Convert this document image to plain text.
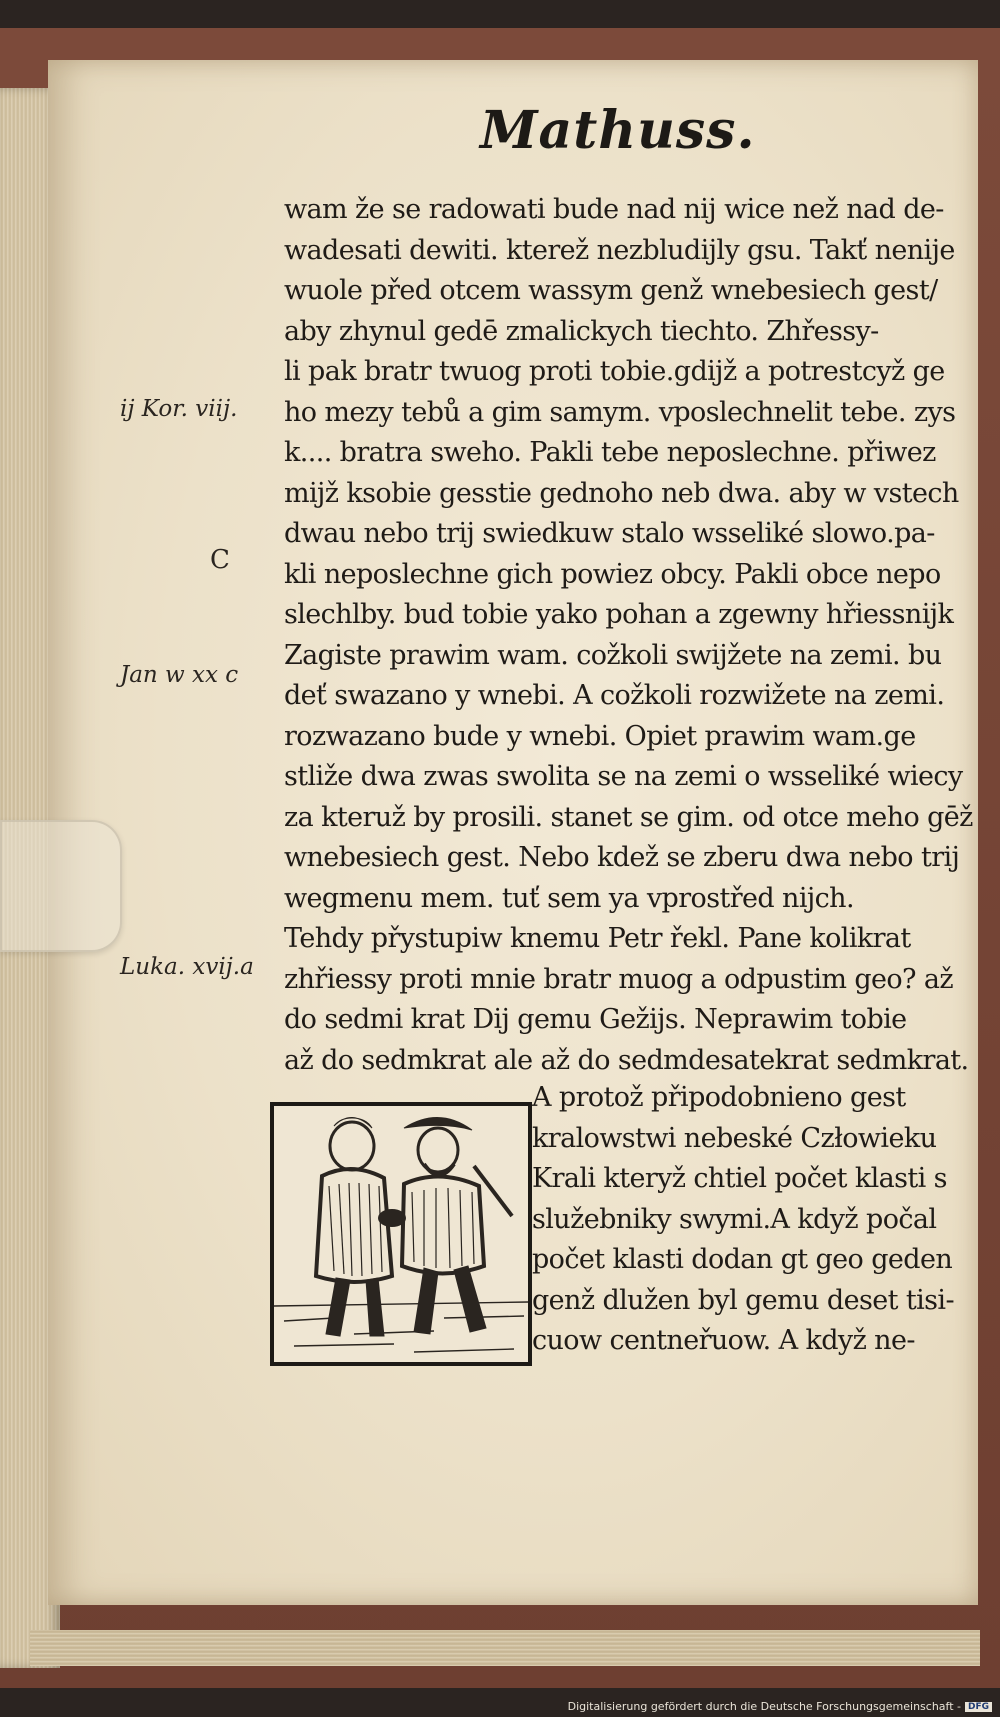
Mathuss.
wam že se radowati bude nad nij wice než nad de-
wadesati dewiti. kterež nezbludijly gsu. Takť nenije
wuole před otcem wassym genž wnebesiech gest/
aby zhynul gedē zmalickych tiechto. Zhřessy-
li pak bratr twuog proti tobie.gdijž a potrestcyž ge
ho mezy tebů a gim samym. vposlechnelit tebe. zys
k.... bratra sweho. Pakli tebe neposlechne. přiwez
mijž ksobie gesstie gednoho neb dwa. aby w vstech
dwau nebo trij swiedkuw stalo wsseliké slowo.pa-
kli neposlechne gich powiez obcy. Pakli obce nepo
slechlby. bud tobie yako pohan a zgewny hřiessnijk
Zagiste prawim wam. cožkoli swijžete na zemi. bu
deť swazano y wnebi. A cožkoli rozwižete na zemi.
rozwazano bude y wnebi. Opiet prawim wam.ge
stliže dwa zwas swolita se na zemi o wsseliké wiecy
za kteruž by prosili. stanet se gim. od otce meho gēž
wnebesiech gest. Nebo kdež se zberu dwa nebo trij
wegmenu mem. tuť sem ya vprostřed nijch.
Tehdy přystupiw knemu Petr řekl. Pane kolikrat
zhřiessy proti mnie bratr muog a odpustim geo? až
do sedmi krat Dij gemu Gežijs. Neprawim tobie
až do sedmkrat ale až do sedmdesatekrat sedmkrat.
ij Kor. viij.
C
Jan w xx c
Luka. xvij.a
A protož připodobnieno gest
kralowstwi nebeské Człowieku
Krali kteryž chtiel počet klasti s
služebniky swymi.A když počal
počet klasti dodan gt geo geden
genž dlužen byl gemu deset tisi-
cuow centneřuow. A když ne-
Digitalisierung gefördert durch die Deutsche Forschungsgemeinschaft - DFG
